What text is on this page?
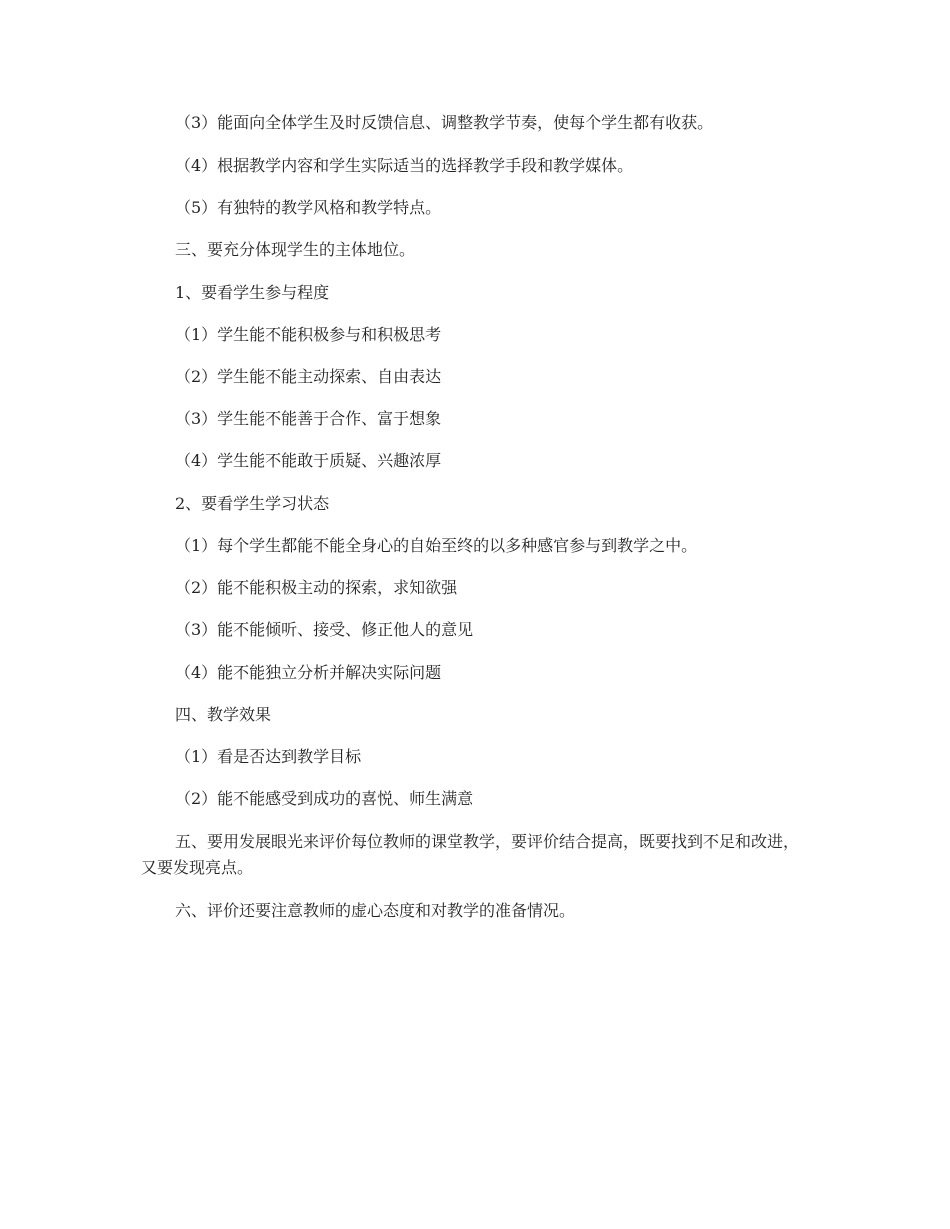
（3）能面向全体学生及时反馈信息、调整教学节奏，使每个学生都有收获。

（4）根据教学内容和学生实际适当的选择教学手段和教学媒体。

（5）有独特的教学风格和教学特点。

三、要充分体现学生的主体地位。

1、要看学生参与程度

（1）学生能不能积极参与和积极思考

（2）学生能不能主动探索、自由表达

（3）学生能不能善于合作、富于想象

（4）学生能不能敢于质疑、兴趣浓厚

2、要看学生学习状态

（1）每个学生都能不能全身心的自始至终的以多种感官参与到教学之中。

（2）能不能积极主动的探索，求知欲强

（3）能不能倾听、接受、修正他人的意见

（4）能不能独立分析并解决实际问题

四、教学效果

（1）看是否达到教学目标

（2）能不能感受到成功的喜悦、师生满意

五、要用发展眼光来评价每位教师的课堂教学，要评价结合提高，既要找到不足和改进，又要发现亮点。

六、评价还要注意教师的虚心态度和对教学的准备情况。
